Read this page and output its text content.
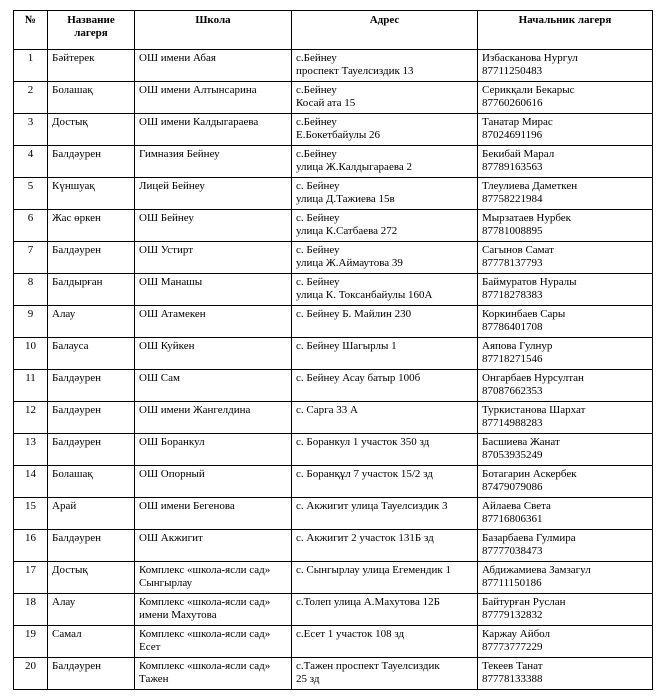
№	Название лагеря	Школа	Адрес	Начальник лагеря
1	Бәйтерек	ОШ имени Абая	с.Бейнеу
проспект Тауелсиздик 13	Избасканова Нургул
87711250483

2	Болашақ	ОШ имени Алтынсарина	с.Бейнеу
Косай ата 15	Серикқали Бекарыс
87760260616

3	Достық	ОШ имени Калдыгараева	с.Бейнеу
Е.Бокетбайулы 26	Танатар Мирас
87024691196

4	Балдәурен	Гимназия Бейнеу	с.Бейнеу
улица Ж.Калдыгараева 2	Бекибай Марал
87789163563

5	Күншуақ	Лицей Бейнеу	с. Бейнеу
улица Д.Тажиева 15в	Тлеулиева Даметкен
87758221984

6	Жас өркен	ОШ Бейнеу	с. Бейнеу
улица К.Сатбаева 272	Мырзатаев Нурбек
87781008895

7	Балдәурен	ОШ Устирт	с. Бейнеу
улица Ж.Аймаутова 39	Сагынов Самат
87778137793

8	Балдырған	ОШ Манашы	с. Бейнеу
улица К. Токсанбайулы 160А	Баймуратов Нуралы
87718278383

9	Алау	ОШ Атамекен	с. Бейнеу Б. Майлин 230	Коркинбаев Сары
87786401708

10	Балауса	ОШ Куйкен	с. Бейнеу Шагырлы 1	Аяпова Гулнур
87718271546

11	Балдәурен	ОШ Сам	с. Бейнеу Асау батыр 100б	Онгарбаев Нурсултан
87087662353

12	Балдәурен	ОШ имени Жангелдина	с. Сарга 33 А	Туркистанова Шархат
87714988283

13	Балдәурен	ОШ Боранкул	с. Боранкул 1 участок 350 зд	Басшиева Жанат
87053935249

14	Болашақ	ОШ Опорный	с. Боранқұл 7 участок 15/2 зд	Ботагарин Аскербек
87479079086

15	Арай	ОШ имени Бегенова	с. Акжигит улица Тауелсиздик 3	Айлаева Света
87716806361

16	Балдәурен	ОШ Акжигит	с. Акжигит 2 участок 131Б зд	Базарбаева Гулмира
87777038473

17	Достық	Комплекс «школа-ясли сад»
Сынгырлау	с. Сынгырлау улица Егемендик 1	Абдижамиева Замзагул
87711150186

18	Алау	Комплекс «школа-ясли сад»
имени Махутова	с.Толеп улица А.Махутова 12Б	Байтурған Руслан
87779132832

19	Самал	Комплекс «школа-ясли сад»
Есет	с.Есет 1 участок 108 зд	Каржау Айбол
87773777229

20	Балдәурен	Комплекс «школа-ясли сад»
Тажен	с.Тажен проспект Тауелсиздик
25 зд	Текеев Танат
87778133388
